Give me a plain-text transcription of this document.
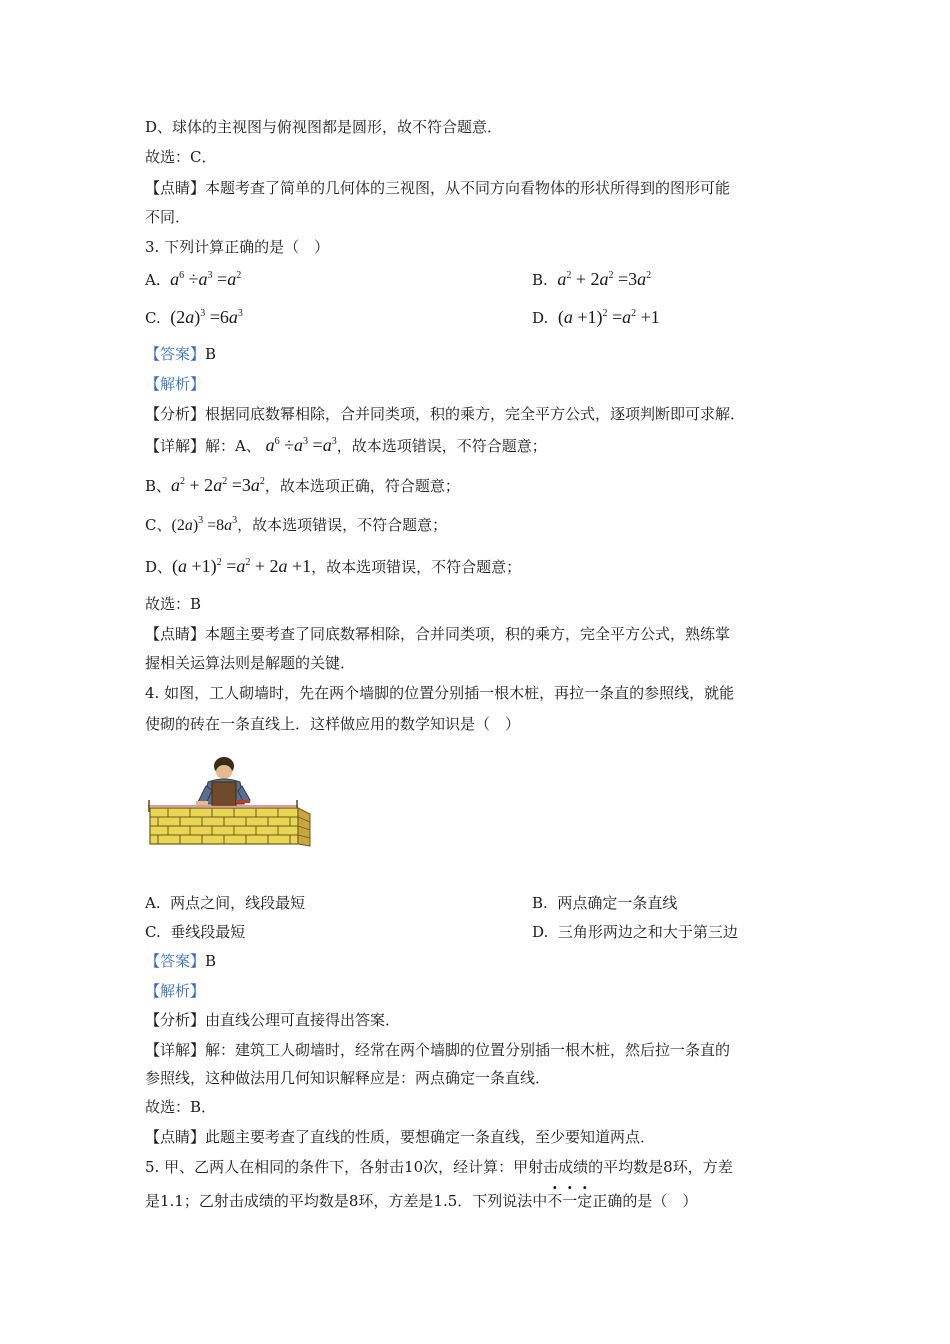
D、球体的主视图与俯视图都是圆形，故不符合题意．
故选：C．
【点睛】本题考查了简单的几何体的三视图，从不同方向看物体的形状所得到的图形可能
不同．
3. 下列计算正确的是（　）
A. $a^6 \div a^3 =a^2$	B. $a^2 + 2a^2 =3a^2$
C. $(2a)^3 =6a^3$	D. $(a +1)^2 =a^2 +1$
【答案】B
【解析】
【分析】根据同底数幂相除，合并同类项，积的乘方，完全平方公式，逐项判断即可求解．
【详解】解：A、 $a^6 \div a^3 =a^3$，故本选项错误，不符合题意；
B、$a^2 + 2a^2 =3a^2$，故本选项正确，符合题意；
C、$(2a)^3 =8a^3$，故本选项错误，不符合题意；
D、$(a +1)^2 =a^2 + 2a +1$，故本选项错误，不符合题意；
故选：B
【点睛】本题主要考查了同底数幂相除，合并同类项，积的乘方，完全平方公式，熟练掌
握相关运算法则是解题的关键．
4. 如图，工人砌墙时，先在两个墙脚的位置分别插一根木桩，再拉一条直的参照线，就能
使砌的砖在一条直线上．这样做应用的数学知识是（　）
A. 两点之间，线段最短	B. 两点确定一条直线
C. 垂线段最短	D. 三角形两边之和大于第三边
【答案】B
【解析】
【分析】由直线公理可直接得出答案．
【详解】解：建筑工人砌墙时，经常在两个墙脚的位置分别插一根木桩，然后拉一条直的
参照线，这种做法用几何知识解释应是：两点确定一条直线．
故选：B．
【点睛】此题主要考查了直线的性质，要想确定一条直线，至少要知道两点．
5. 甲、乙两人在相同的条件下，各射击10次，经计算：甲射击成绩的平均数是8环，方差
是1.1；乙射击成绩的平均数是8环，方差是1.5．下列说法中不一定正确的是（　）
